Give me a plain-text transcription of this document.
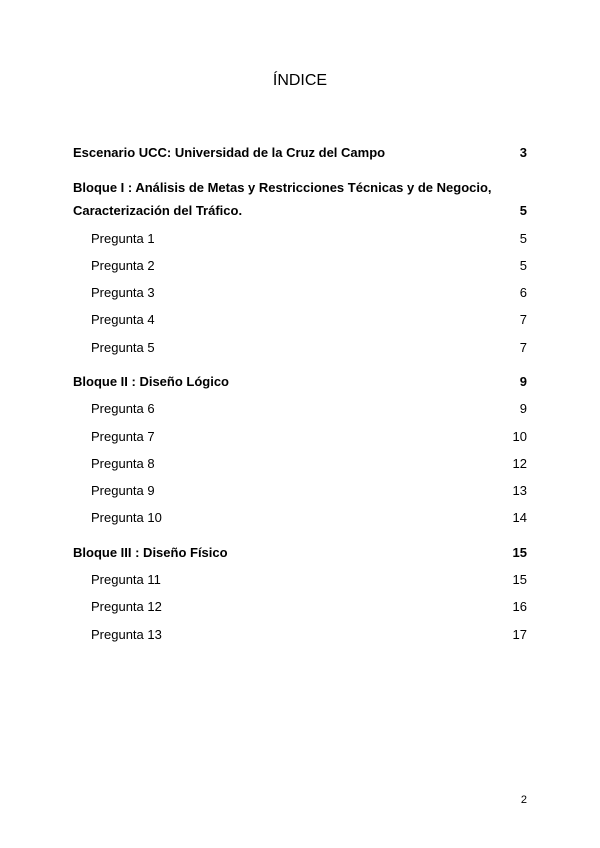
ÍNDICE
Escenario UCC: Universidad de la Cruz del Campo	3
Bloque I : Análisis de Metas y Restricciones Técnicas y de Negocio,
Caracterización del Tráfico.	5
Pregunta 1	5
Pregunta 2	5
Pregunta 3	6
Pregunta 4	7
Pregunta 5	7
Bloque II : Diseño Lógico	9
Pregunta 6	9
Pregunta 7	10
Pregunta 8	12
Pregunta 9	13
Pregunta 10	14
Bloque III : Diseño Físico	15
Pregunta 11	15
Pregunta 12	16
Pregunta 13	17
2
